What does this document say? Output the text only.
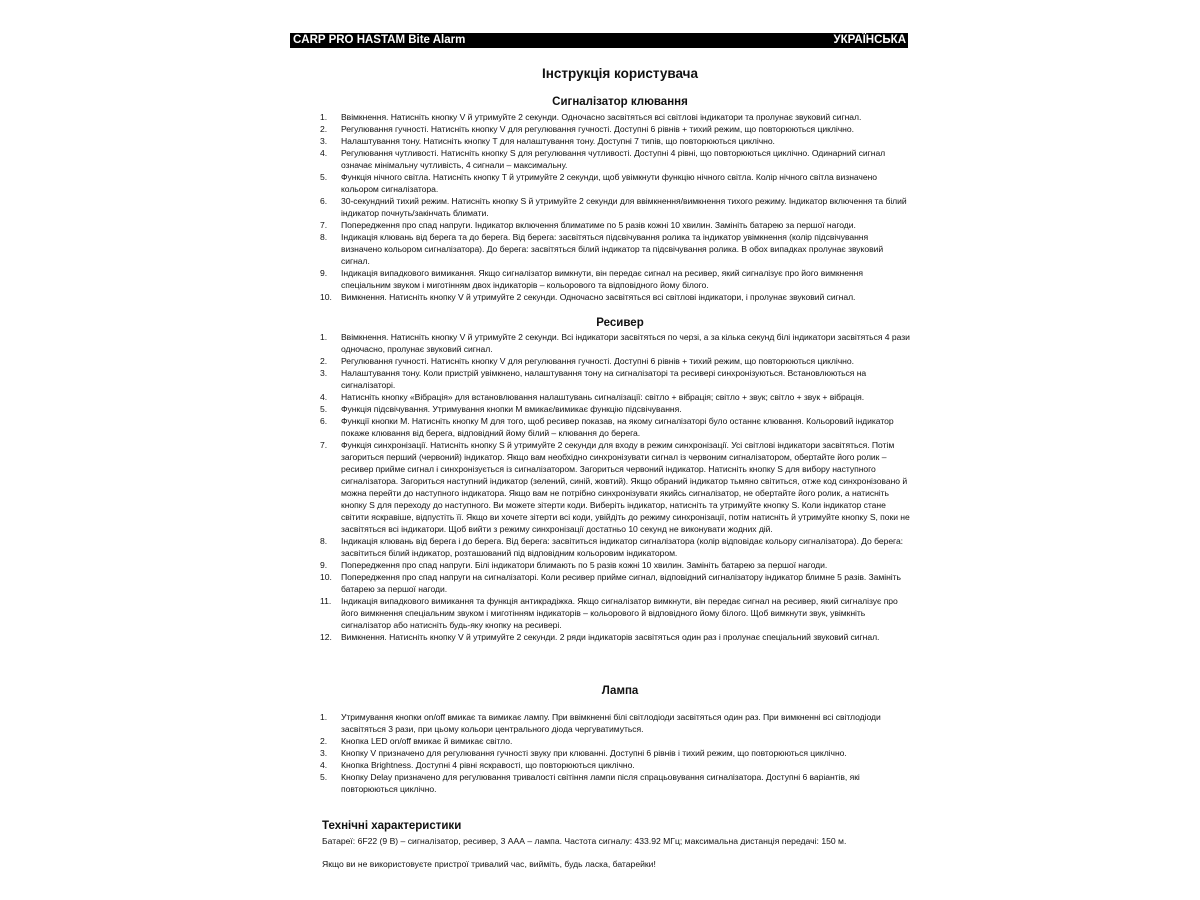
CARP PRO HASTAM Bite Alarm	УКРАЇНСЬКА
Інструкція користувача
Сигналізатор клювання
1. Ввімкнення. Натисніть кнопку V й утримуйте 2 секунди. Одночасно засвітяться всі світлові індикатори та пролунає звуковий сигнал.
2. Регулювання гучності. Натисніть кнопку V для регулювання гучності. Доступні 6 рівнів + тихий режим, що повторюються циклічно.
3. Налаштування тону. Натисніть кнопку T для налаштування тону. Доступні 7 типів, що повторюються циклічно.
4. Регулювання чутливості. Натисніть кнопку S для регулювання чутливості. Доступні 4 рівні, що повторюються циклічно. Одинарний сигнал означає мінімальну чутливість, 4 сигнали – максимальну.
5. Функція нічного світла. Натисніть кнопку T й утримуйте 2 секунди, щоб увімкнути функцію нічного світла. Колір нічного світла визначено кольором сигналізатора.
6. 30-секундний тихий режим. Натисніть кнопку S й утримуйте 2 секунди для ввімкнення/вимкнення тихого режиму. Індикатор включення та білий індикатор почнуть/закінчать блимати.
7. Попередження про спад напруги. Індикатор включення блиматиме по 5 разів кожні 10 хвилин. Замініть батарею за першої нагоди.
8. Індикація клювань від берега та до берега. Від берега: засвітяться підсвічування ролика та індикатор увімкнення (колір підсвічування визначено кольором сигналізатора). До берега: засвітяться білий індикатор та підсвічування ролика. В обох випадках пролунає звуковий сигнал.
9. Індикація випадкового вимикання. Якщо сигналізатор вимкнути, він передає сигнал на ресивер, який сигналізує про його вимкнення спеціальним звуком і миготінням двох індикаторів – кольорового та відповідного йому білого.
10. Вимкнення. Натисніть кнопку V й утримуйте 2 секунди. Одночасно засвітяться всі світлові індикатори, і пролунає звуковий сигнал.
Ресивер
1. Ввімкнення. Натисніть кнопку V й утримуйте 2 секунди. Всі індикатори засвітяться по черзі, а за кілька секунд білі індикатори засвітяться 4 рази одночасно, пролунає звуковий сигнал.
2. Регулювання гучності. Натисніть кнопку V для регулювання гучності. Доступні 6 рівнів + тихий режим, що повторюються циклічно.
3. Налаштування тону. Коли пристрій увімкнено, налаштування тону на сигналізаторі та ресивері синхронізуються. Встановлюються на сигналізаторі.
4. Натисніть кнопку «Вібрація» для встановлювання налаштувань сигналізації: світло + вібрація; світло + звук; світло + звук + вібрація.
5. Функція підсвічування. Утримування кнопки M вмикає/вимикає функцію підсвічування.
6. Функції кнопки M. Натисніть кнопку M для того, щоб ресивер показав, на якому сигналізаторі було останнє клювання. Кольоровий індикатор покаже клювання від берега, відповідний йому білий – клювання до берега.
7. Функція синхронізації. Натисніть кнопку S й утримуйте 2 секунди для входу в режим синхронізації. Усі світлові індикатори засвітяться. Потім загориться перший (червоний) індикатор. Якщо вам необхідно синхронізувати сигнал із червоним сигналізатором, обертайте його ролик – ресивер прийме сигнал і синхронізується із сигналізатором. Загориться червоний індикатор. Натисніть кнопку S для вибору наступного сигналізатора. Загориться наступний індикатор (зелений, синій, жовтий). Якщо обраний індикатор тьмяно світиться, отже код синхронізовано й можна перейти до наступного індикатора. Якщо вам не потрібно синхронізувати якийсь сигналізатор, не обертайте його ролик, а натисніть кнопку S для переходу до наступного. Ви можете зітерти коди. Виберіть індикатор, натисніть та утримуйте кнопку S. Коли індикатор стане світити яскравіше, відпустіть її. Якщо ви хочете зітерти всі коди, увійдіть до режиму синхронізації, потім натисніть й утримуйте кнопку S, поки не засвітяться всі індикатори. Щоб вийти з режиму синхронізації достатньо 10 секунд не виконувати жодних дій.
8. Індикація клювань від берега і до берега. Від берега: засвітиться індикатор сигналізатора (колір відповідає кольору сигналізатора). До берега: засвітиться білий індикатор, розташований під відповідним кольоровим індикатором.
9. Попередження про спад напруги. Білі індикатори блимають по 5 разів кожні 10 хвилин. Замініть батарею за першої нагоди.
10. Попередження про спад напруги на сигналізаторі. Коли ресивер прийме сигнал, відповідний сигналізатору індикатор блимне 5 разів. Замініть батарею за першої нагоди.
11. Індикація випадкового вимикання та функція антикрадіжка. Якщо сигналізатор вимкнути, він передає сигнал на ресивер, який сигналізує про його вимкнення спеціальним звуком і миготінням індикаторів – кольорового й відповідного йому білого. Щоб вимкнути звук, увімкніть сигналізатор або натисніть будь-яку кнопку на ресивері.
12. Вимкнення. Натисніть кнопку V й утримуйте 2 секунди. 2 ряди індикаторів засвітяться один раз і пролунає спеціальний звуковий сигнал.
Лампа
1. Утримування кнопки on/off вмикає та вимикає лампу. При ввімкненні білі світлодіоди засвітяться один раз. При вимкненні всі світлодіоди засвітяться 3 рази, при цьому кольори центрального діода чергуватимуться.
2. Кнопка LED on/off вмикає й вимикає світло.
3. Кнопку V призначено для регулювання гучності звуку при клюванні. Доступні 6 рівнів і тихий режим, що повторюються циклічно.
4. Кнопка Brightness. Доступні 4 рівні яскравості, що повторюються циклічно.
5. Кнопку Delay призначено для регулювання тривалості світіння лампи після спрацьовування сигналізатора. Доступні 6 варіантів, які повторюються циклічно.
Технічні характеристики
Батареї: 6F22 (9 В) – сигналізатор, ресивер, 3 ААА – лампа. Частота сигналу: 433.92 МГц; максимальна дистанція передачі: 150 м.
Якщо ви не використовуєте пристрої тривалий час, вийміть, будь ласка, батарейки!
